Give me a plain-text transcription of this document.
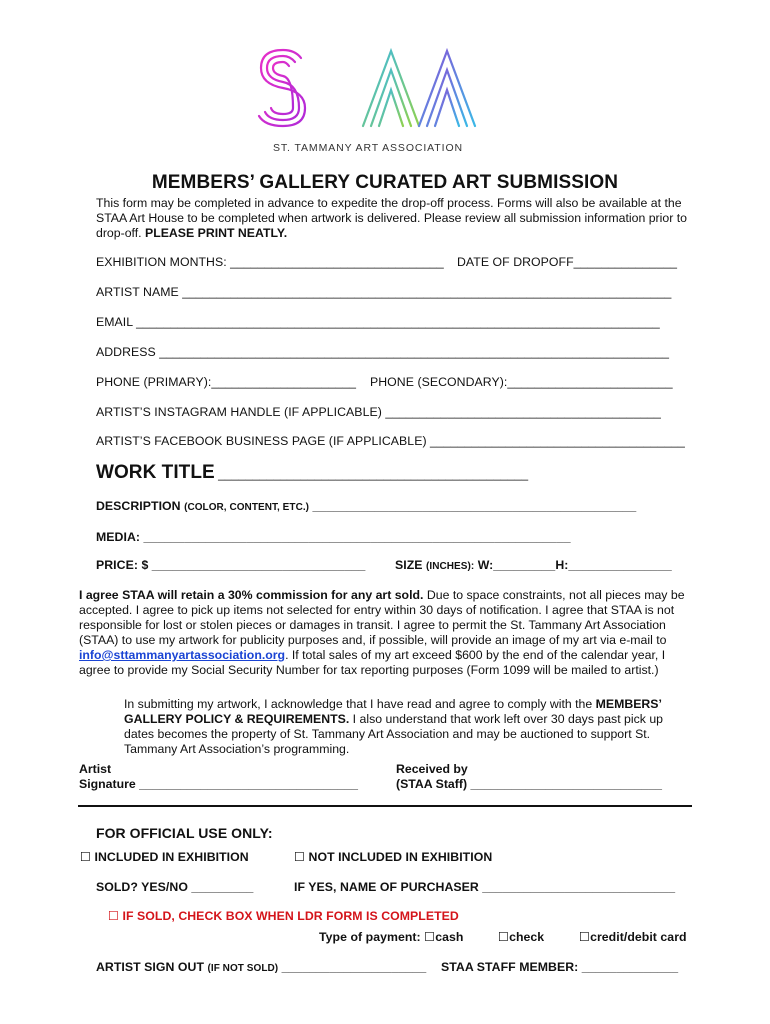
ST. TAMMANY ART ASSOCIATION
MEMBERS’ GALLERY CURATED ART SUBMISSION
This form may be completed in advance to expedite the drop-off process. Forms will also be available at the STAA Art House to be completed when artwork is delivered. Please review all submission information prior to drop-off. PLEASE PRINT NEATLY.
EXHIBITION MONTHS: _______________________________ DATE OF DROPOFF_______________
ARTIST NAME _______________________________________________________________________
EMAIL ____________________________________________________________________________
ADDRESS __________________________________________________________________________
PHONE (PRIMARY):_____________________ PHONE (SECONDARY):________________________
ARTIST’S INSTAGRAM HANDLE (IF APPLICABLE) ________________________________________
ARTIST’S FACEBOOK BUSINESS PAGE (IF APPLICABLE) _____________________________________
WORK TITLE _____________________________________________
DESCRIPTION (COLOR, CONTENT, ETC.) _______________________________________________
MEDIA: ______________________________________________________________
PRICE: $ _______________________________ SIZE (INCHES): W:_________H:_______________
I agree STAA will retain a 30% commission for any art sold. Due to space constraints, not all pieces may be accepted. I agree to pick up items not selected for entry within 30 days of notification. I agree that STAA is not responsible for lost or stolen pieces or damages in transit. I agree to permit the St. Tammany Art Association (STAA) to use my artwork for publicity purposes and, if possible, will provide an image of my art via e-mail to info@sttammanyartassociation.org. If total sales of my art exceed $600 by the end of the calendar year, I agree to provide my Social Security Number for tax reporting purposes (Form 1099 will be mailed to artist.)
In submitting my artwork, I acknowledge that I have read and agree to comply with the MEMBERS’ GALLERY POLICY & REQUIREMENTS. I also understand that work left over 30 days past pick up dates becomes the property of St. Tammany Art Association and may be auctioned to support St. Tammany Art Association’s programming.
Artist
Signature ________________________________
Received by
(STAA Staff) ____________________________
FOR OFFICIAL USE ONLY:
☐ INCLUDED IN EXHIBITION	☐ NOT INCLUDED IN EXHIBITION
SOLD? YES/NO _________	IF YES, NAME OF PURCHASER ____________________________
☐ IF SOLD, CHECK BOX WHEN LDR FORM IS COMPLETED
Type of payment: ☐cash	☐check	☐credit/debit card
ARTIST SIGN OUT (IF NOT SOLD) _____________________ STAA STAFF MEMBER: ______________
